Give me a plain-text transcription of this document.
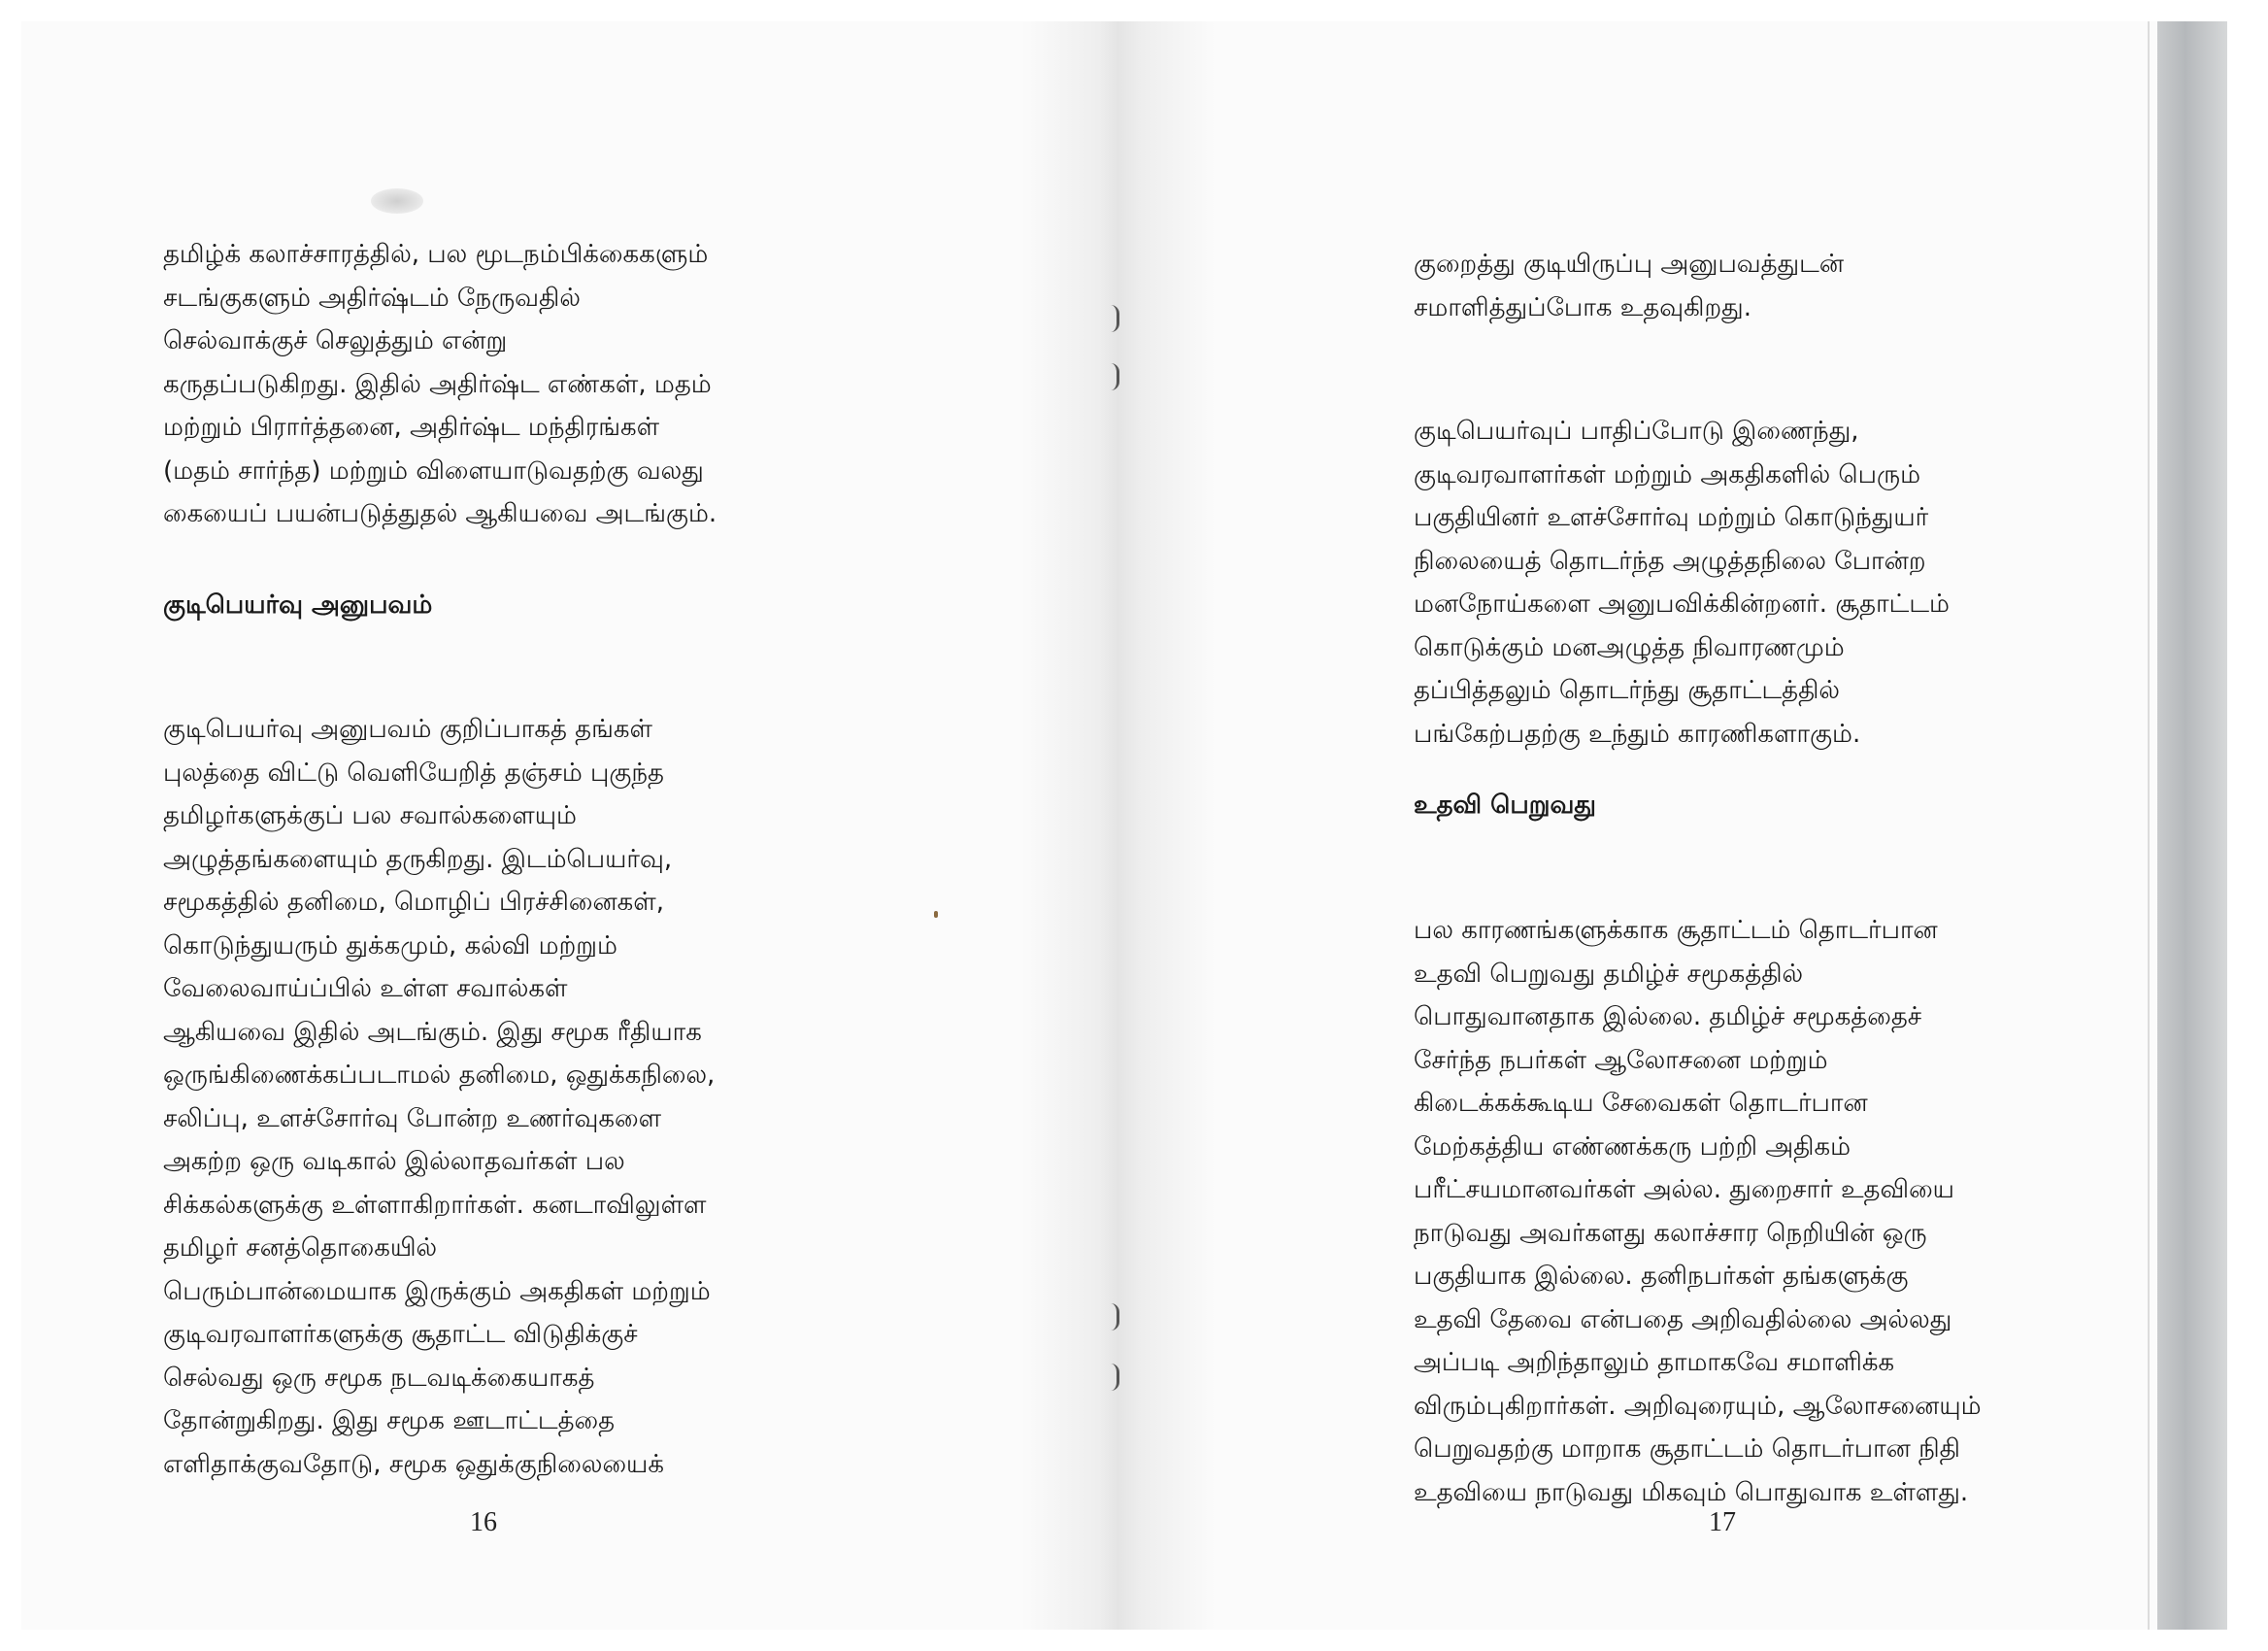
தமிழ்க் கலாச்சாரத்தில், பல மூடநம்பிக்கைகளும்
சடங்குகளும் அதிர்ஷ்டம் நேருவதில்
செல்வாக்குச் செலுத்தும் என்று
கருதப்படுகிறது. இதில் அதிர்ஷ்ட எண்கள், மதம்
மற்றும் பிரார்த்தனை, அதிர்ஷ்ட மந்திரங்கள்
(மதம் சார்ந்த) மற்றும் விளையாடுவதற்கு வலது
கையைப் பயன்படுத்துதல் ஆகியவை அடங்கும்.
குடிபெயர்வு அனுபவம்
குடிபெயர்வு அனுபவம் குறிப்பாகத் தங்கள்
புலத்தை விட்டு வெளியேறித் தஞ்சம் புகுந்த
தமிழர்களுக்குப் பல சவால்களையும்
அழுத்தங்களையும் தருகிறது. இடம்பெயர்வு,
சமூகத்தில் தனிமை, மொழிப் பிரச்சினைகள்,
கொடுந்துயரும் துக்கமும், கல்வி மற்றும்
வேலைவாய்ப்பில் உள்ள சவால்கள்
ஆகியவை இதில் அடங்கும். இது சமூக ரீதியாக
ஒருங்கிணைக்கப்படாமல் தனிமை, ஒதுக்கநிலை,
சலிப்பு, உளச்சோர்வு போன்ற உணர்வுகளை
அகற்ற ஒரு வடிகால் இல்லாதவர்கள் பல
சிக்கல்களுக்கு உள்ளாகிறார்கள். கனடாவிலுள்ள
தமிழர் சனத்தொகையில்
பெரும்பான்மையாக இருக்கும் அகதிகள் மற்றும்
குடிவரவாளர்களுக்கு சூதாட்ட விடுதிக்குச்
செல்வது ஒரு சமூக நடவடிக்கையாகத்
தோன்றுகிறது. இது சமூக ஊடாட்டத்தை
எளிதாக்குவதோடு, சமூக ஒதுக்குநிலையைக்
16
குறைத்து குடியிருப்பு அனுபவத்துடன்
சமாளித்துப்போக உதவுகிறது.
குடிபெயர்வுப் பாதிப்போடு இணைந்து,
குடிவரவாளர்கள் மற்றும் அகதிகளில் பெரும்
பகுதியினர் உளச்சோர்வு மற்றும் கொடுந்துயர்
நிலையைத் தொடர்ந்த அழுத்தநிலை போன்ற
மனநோய்களை அனுபவிக்கின்றனர். சூதாட்டம்
கொடுக்கும் மனஅழுத்த நிவாரணமும்
தப்பித்தலும் தொடர்ந்து சூதாட்டத்தில்
பங்கேற்பதற்கு உந்தும் காரணிகளாகும்.
உதவி பெறுவது
பல காரணங்களுக்காக சூதாட்டம் தொடர்பான
உதவி பெறுவது தமிழ்ச் சமூகத்தில்
பொதுவானதாக இல்லை. தமிழ்ச் சமூகத்தைச்
சேர்ந்த நபர்கள் ஆலோசனை மற்றும்
கிடைக்கக்கூடிய சேவைகள் தொடர்பான
மேற்கத்திய எண்ணக்கரு பற்றி அதிகம்
பரீட்சயமானவர்கள் அல்ல. துறைசார் உதவியை
நாடுவது அவர்களது கலாச்சார நெறியின் ஒரு
பகுதியாக இல்லை. தனிநபர்கள் தங்களுக்கு
உதவி தேவை என்பதை அறிவதில்லை அல்லது
அப்படி அறிந்தாலும் தாமாகவே சமாளிக்க
விரும்புகிறார்கள். அறிவுரையும், ஆலோசனையும்
பெறுவதற்கு மாறாக சூதாட்டம் தொடர்பான நிதி
உதவியை நாடுவது மிகவும் பொதுவாக உள்ளது.
17
